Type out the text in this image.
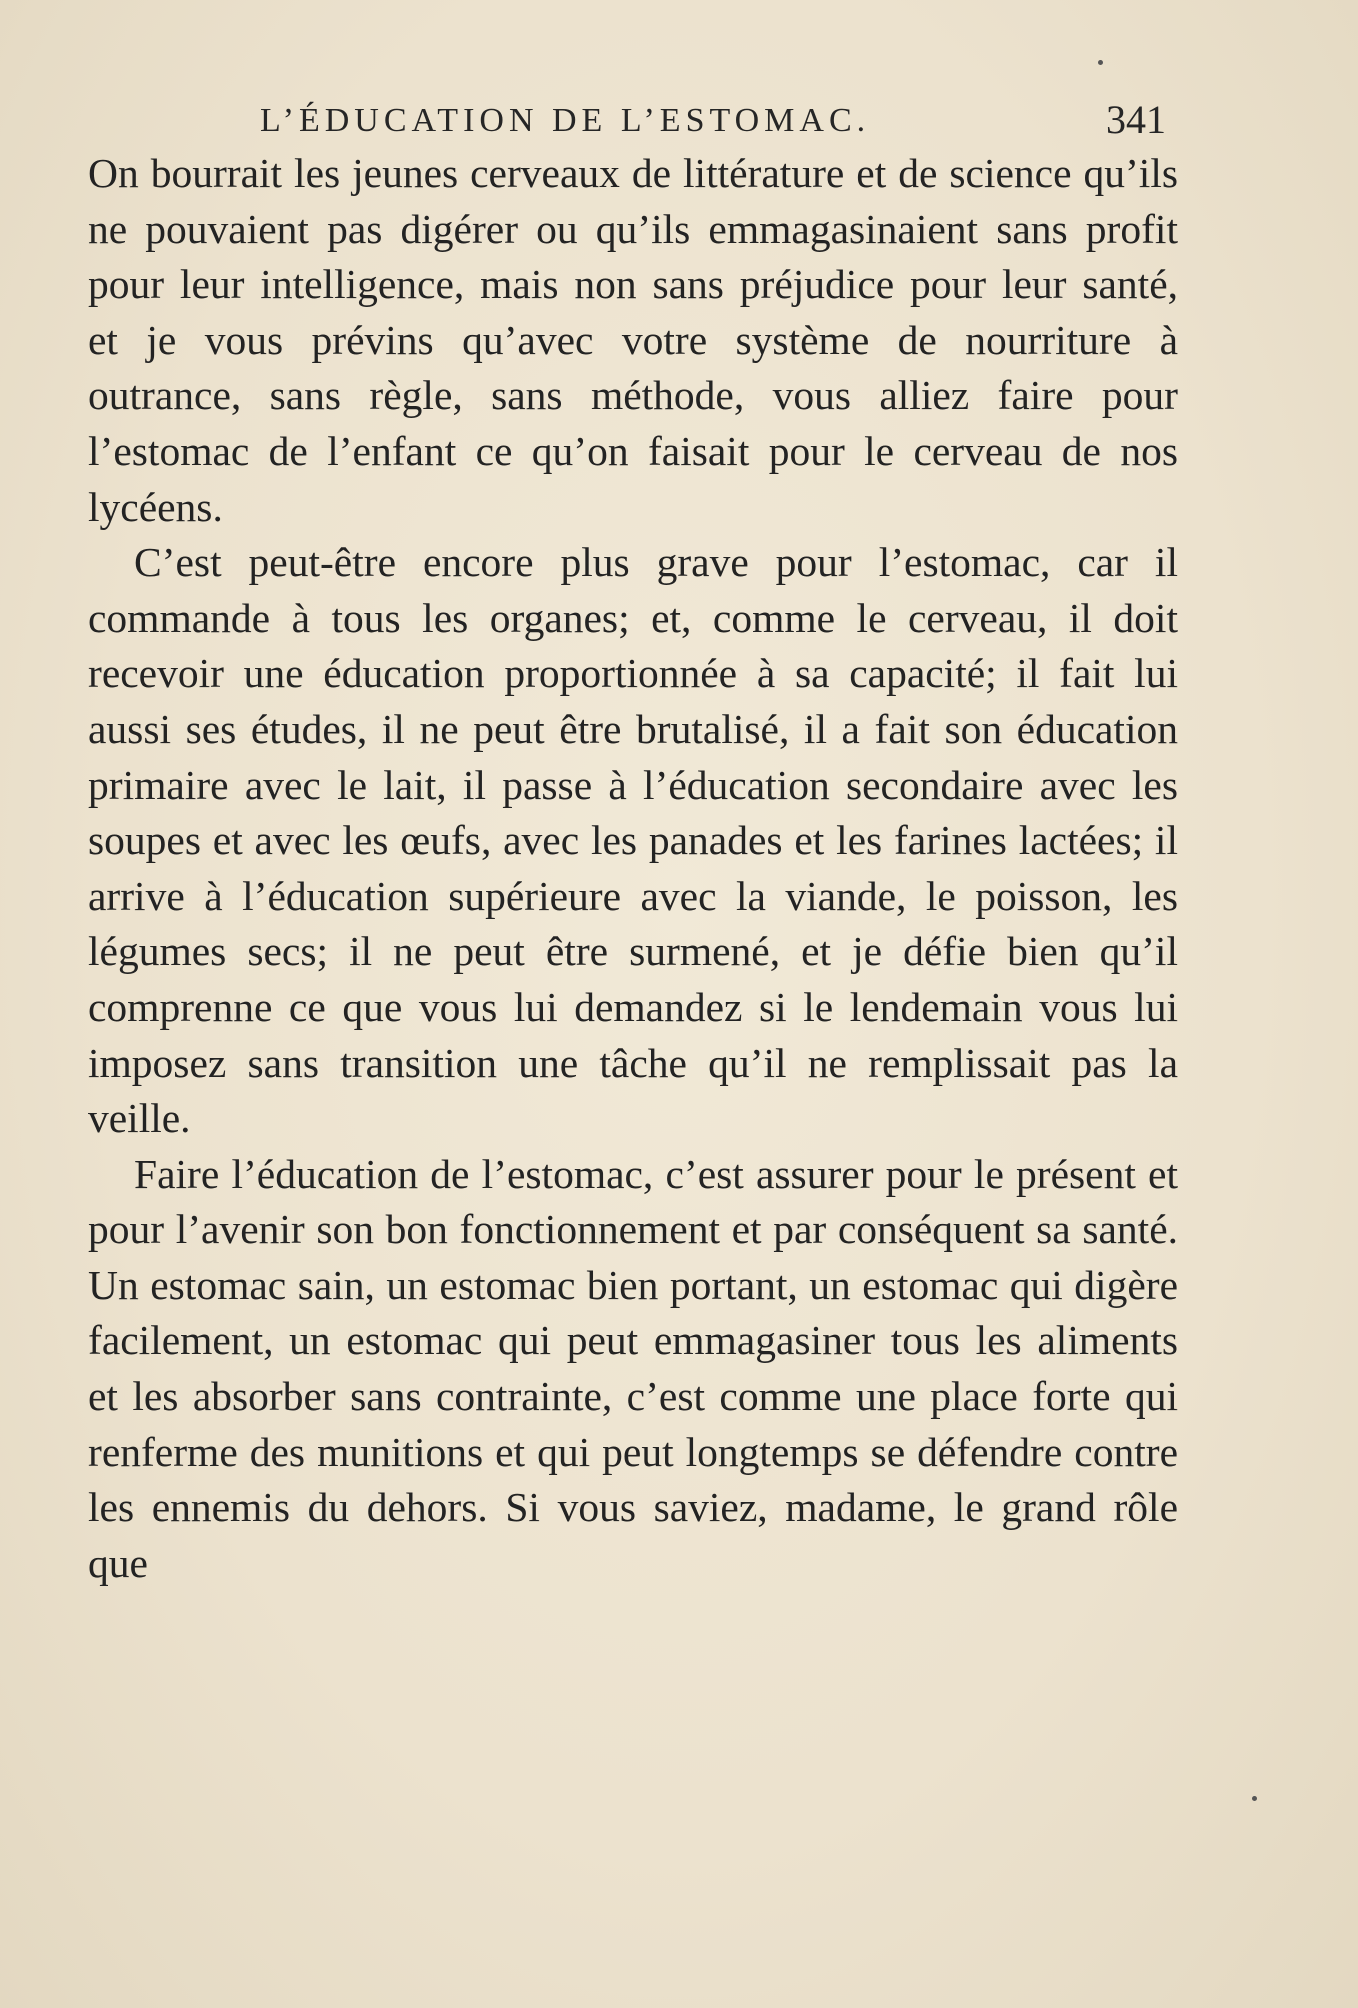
L’ÉDUCATION DE L’ESTOMAC.	341

On bourrait les jeunes cerveaux de littérature et de science qu’ils ne pouvaient pas digérer ou qu’ils emmagasinaient sans profit pour leur intelligence, mais non sans préjudice pour leur santé, et je vous prévins qu’avec votre système de nourriture à outrance, sans règle, sans méthode, vous alliez faire pour l’estomac de l’enfant ce qu’on faisait pour le cerveau de nos lycéens.

C’est peut-être encore plus grave pour l’estomac, car il commande à tous les organes; et, comme le cerveau, il doit recevoir une éducation proportionnée à sa capacité; il fait lui aussi ses études, il ne peut être brutalisé, il a fait son éducation primaire avec le lait, il passe à l’éducation secondaire avec les soupes et avec les œufs, avec les panades et les farines lactées; il arrive à l’éducation supérieure avec la viande, le poisson, les légumes secs; il ne peut être surmené, et je défie bien qu’il comprenne ce que vous lui demandez si le lendemain vous lui imposez sans transition une tâche qu’il ne remplissait pas la veille.

Faire l’éducation de l’estomac, c’est assurer pour le présent et pour l’avenir son bon fonctionnement et par conséquent sa santé. Un estomac sain, un estomac bien portant, un estomac qui digère facilement, un estomac qui peut emmagasiner tous les aliments et les absorber sans contrainte, c’est comme une place forte qui renferme des munitions et qui peut longtemps se défendre contre les ennemis du dehors. Si vous saviez, madame, le grand rôle que
